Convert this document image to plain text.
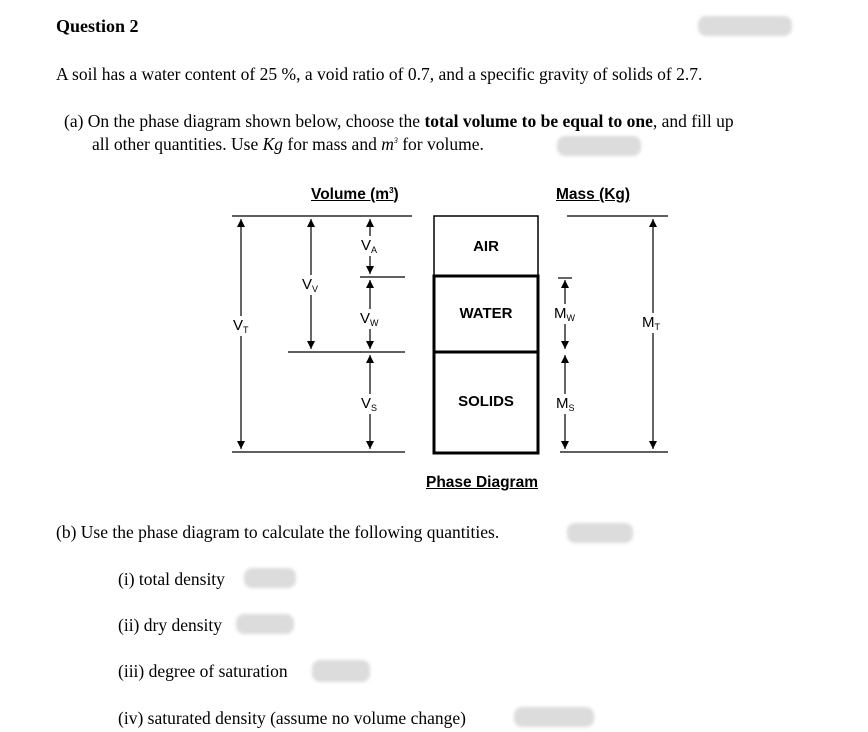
Question 2
A soil has a water content of 25 %, a void ratio of 0.7, and a specific gravity of solids of 2.7.
(a) On the phase diagram shown below, choose the total volume to be equal to one, and fill up
all other quantities. Use Kg for mass and $m^3$ for volume.
Volume $(m^3)$	Mass (Kg)
AIR
WATER
SOLIDS
$V_T$
$V_V$
$V_A$
$V_W$
$V_S$
$M_W$
$M_S$
$M_T$
Phase Diagram
(b) Use the phase diagram to calculate the following quantities.
(i) total density
(ii) dry density
(iii) degree of saturation
(iv) saturated density (assume no volume change)
